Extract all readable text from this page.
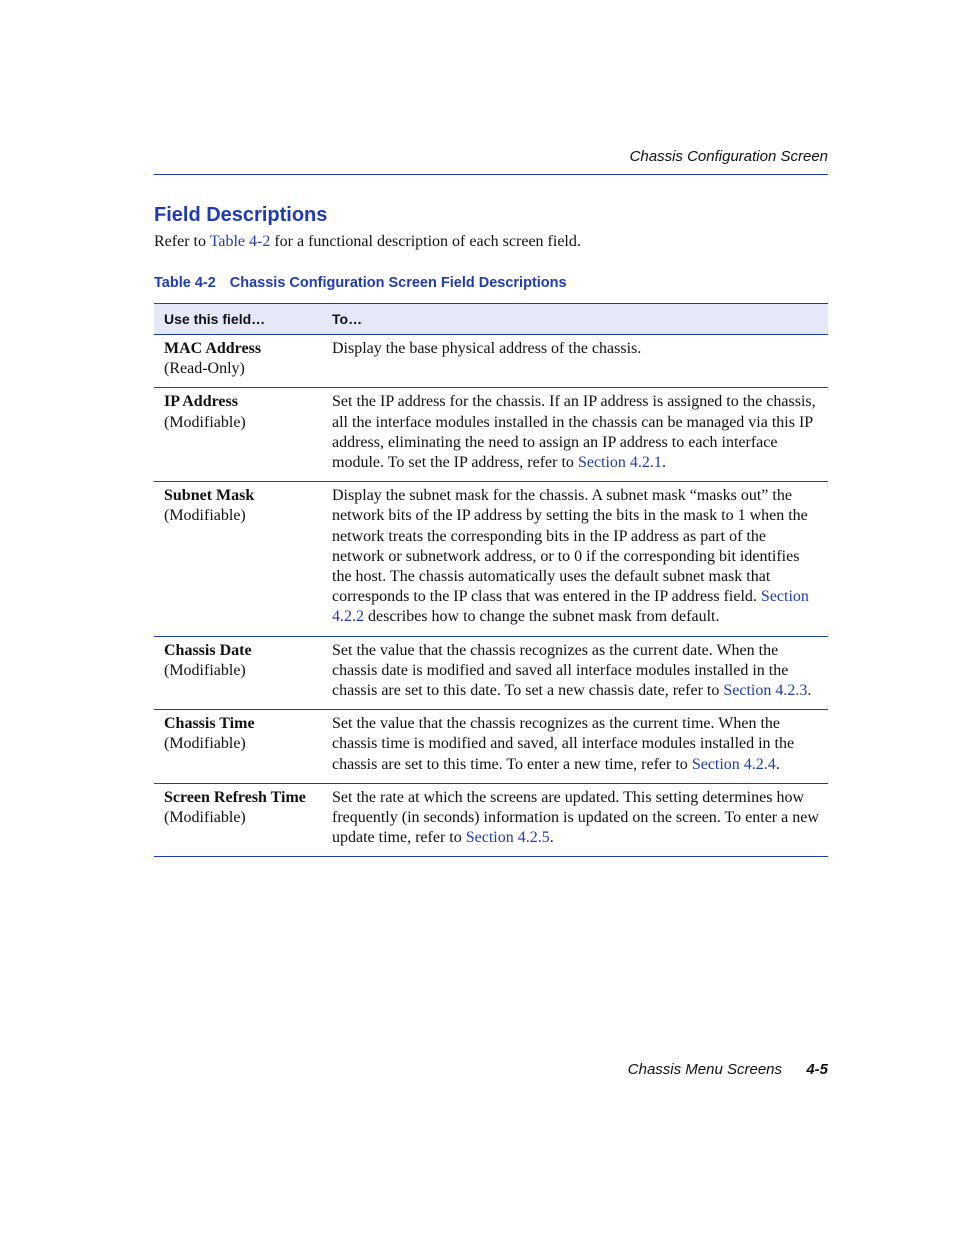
Chassis Configuration Screen
Field Descriptions
Refer to Table 4-2 for a functional description of each screen field.
Table 4-2 Chassis Configuration Screen Field Descriptions
Use this field…	To…

MAC Address
(Read-Only)	Display the base physical address of the chassis.

IP Address
(Modifiable)	Set the IP address for the chassis. If an IP address is assigned to the chassis, all the interface modules installed in the chassis can be managed via this IP address, eliminating the need to assign an IP address to each interface module. To set the IP address, refer to Section 4.2.1.

Subnet Mask
(Modifiable)	Display the subnet mask for the chassis. A subnet mask “masks out” the network bits of the IP address by setting the bits in the mask to 1 when the network treats the corresponding bits in the IP address as part of the network or subnetwork address, or to 0 if the corresponding bit identifies the host. The chassis automatically uses the default subnet mask that corresponds to the IP class that was entered in the IP address field. Section 4.2.2 describes how to change the subnet mask from default.

Chassis Date
(Modifiable)	Set the value that the chassis recognizes as the current date. When the chassis date is modified and saved all interface modules installed in the chassis are set to this date. To set a new chassis date, refer to Section 4.2.3.

Chassis Time
(Modifiable)	Set the value that the chassis recognizes as the current time. When the chassis time is modified and saved, all interface modules installed in the chassis are set to this time. To enter a new time, refer to Section 4.2.4.

Screen Refresh Time
(Modifiable)	Set the rate at which the screens are updated. This setting determines how frequently (in seconds) information is updated on the screen. To enter a new update time, refer to Section 4.2.5.
Chassis Menu Screens 4-5
